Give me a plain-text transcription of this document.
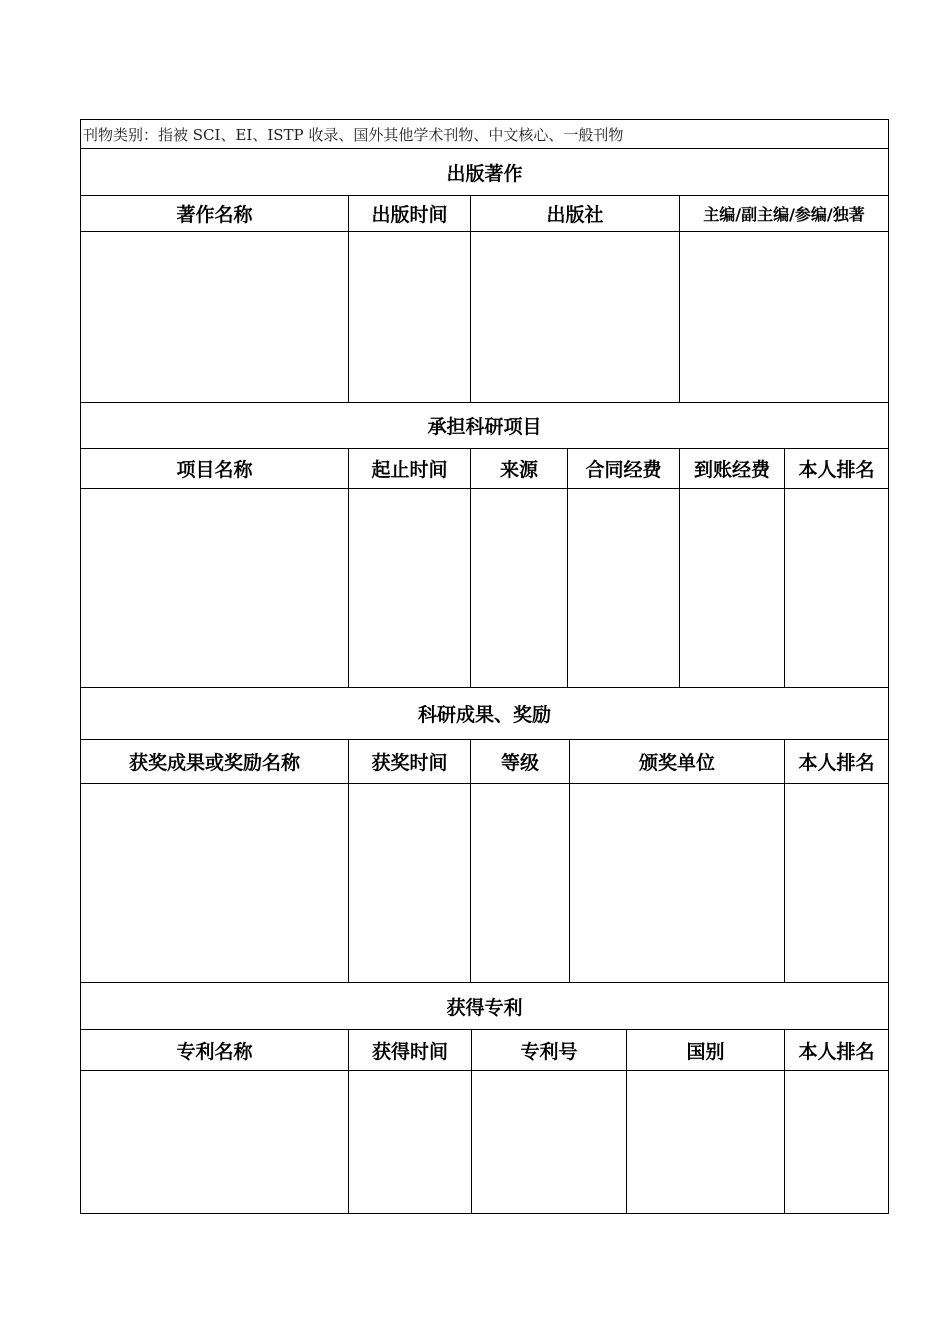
刊物类别：指被 SCI、EI、ISTP 收录、国外其他学术刊物、中文核心、一般刊物
出版著作
著作名称	出版时间	出版社	主编/副主编/参编/独著
承担科研项目
项目名称	起止时间	来源	合同经费	到账经费	本人排名
科研成果、奖励
获奖成果或奖励名称	获奖时间	等级	颁奖单位	本人排名
获得专利
专利名称	获得时间	专利号	国别	本人排名
